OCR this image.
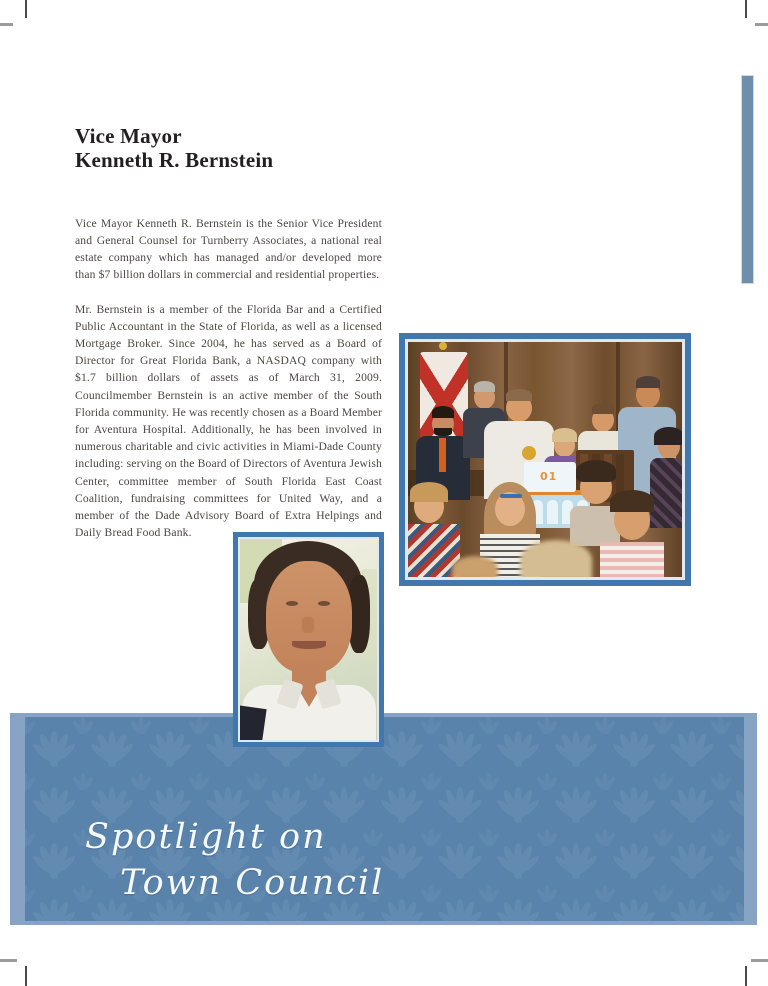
Vice Mayor
Kenneth R. Bernstein

Vice Mayor Kenneth R. Bernstein is the Senior Vice President and General Counsel for Turnberry Associates, a national real estate company which has managed and/or developed more than $7 billion dollars in commercial and residential properties.

Mr. Bernstein is a member of the Florida Bar and a Certified Public Accountant in the State of Florida, as well as a licensed Mortgage Broker. Since 2004, he has served as a Board of Director for Great Florida Bank, a NASDAQ company with $1.7 billion dollars of assets as of March 31, 2009. Councilmember Bernstein is an active member of the South Florida community. He was recently chosen as a Board Member for Aventura Hospital. Additionally, he has been involved in numerous charitable and civic activities in Miami-Dade County including: serving on the Board of Directors of Aventura Jewish Center, committee member of South Florida East Coast Coalition, fundraising committees for United Way, and a member of the Dade Advisory Board of Extra Helpings and Daily Bread Food Bank.

01
Spotlight on
Town Council
